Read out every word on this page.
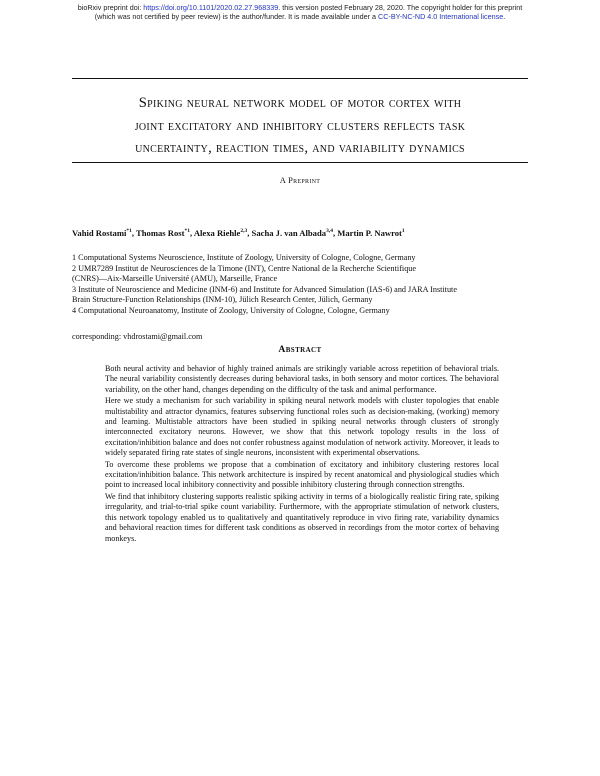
bioRxiv preprint doi: https://doi.org/10.1101/2020.02.27.968339. this version posted February 28, 2020. The copyright holder for this preprint
(which was not certified by peer review) is the author/funder. It is made available under a CC-BY-NC-ND 4.0 International license.
Spiking neural network model of motor cortex with
joint excitatory and inhibitory clusters reflects task
uncertainty, reaction times, and variability dynamics
A Preprint
Vahid Rostami$^{*1}$, Thomas Rost$^{*1}$, Alexa Riehle$^{2,3}$, Sacha J. van Albada$^{3,4}$, Martin P. Nawrot$^1$
1 Computational Systems Neuroscience, Institute of Zoology, University of Cologne, Cologne, Germany
2 UMR7289 Institut de Neurosciences de la Timone (INT), Centre National de la Recherche Scientifique
(CNRS)—Aix-Marseille Université (AMU), Marseille, France
3 Institute of Neuroscience and Medicine (INM-6) and Institute for Advanced Simulation (IAS-6) and JARA Institute
Brain Structure-Function Relationships (INM-10), Jülich Research Center, Jülich, Germany
4 Computational Neuroanatomy, Institute of Zoology, University of Cologne, Cologne, Germany
corresponding: vhdrostami@gmail.com
Abstract

Both neural activity and behavior of highly trained animals are strikingly variable across repetition of behavioral trials. The neural variability consistently decreases during behavioral tasks, in both sensory and motor cortices. The behavioral variability, on the other hand, changes depending on the difficulty of the task and animal performance.

Here we study a mechanism for such variability in spiking neural network models with cluster topologies that enable multistability and attractor dynamics, features subserving functional roles such as decision-making, (working) memory and learning. Multistable attractors have been studied in spiking neural networks through clusters of strongly interconnected excitatory neurons. However, we show that this network topology results in the loss of excitation/inhibition balance and does not confer robustness against modulation of network activity. Moreover, it leads to widely separated firing rate states of single neurons, inconsistent with experimental observations.

To overcome these problems we propose that a combination of excitatory and inhibitory clustering restores local excitation/inhibition balance. This network architecture is inspired by recent anatomical and physiological studies which point to increased local inhibitory connectivity and possible inhibitory clustering through connection strengths.

We find that inhibitory clustering supports realistic spiking activity in terms of a biologically realistic firing rate, spiking irregularity, and trial-to-trial spike count variability. Furthermore, with the appropriate stimulation of network clusters, this network topology enabled us to qualitatively and quantitatively reproduce in vivo firing rate, variability dynamics and behavioral reaction times for different task conditions as observed in recordings from the motor cortex of behaving monkeys.
